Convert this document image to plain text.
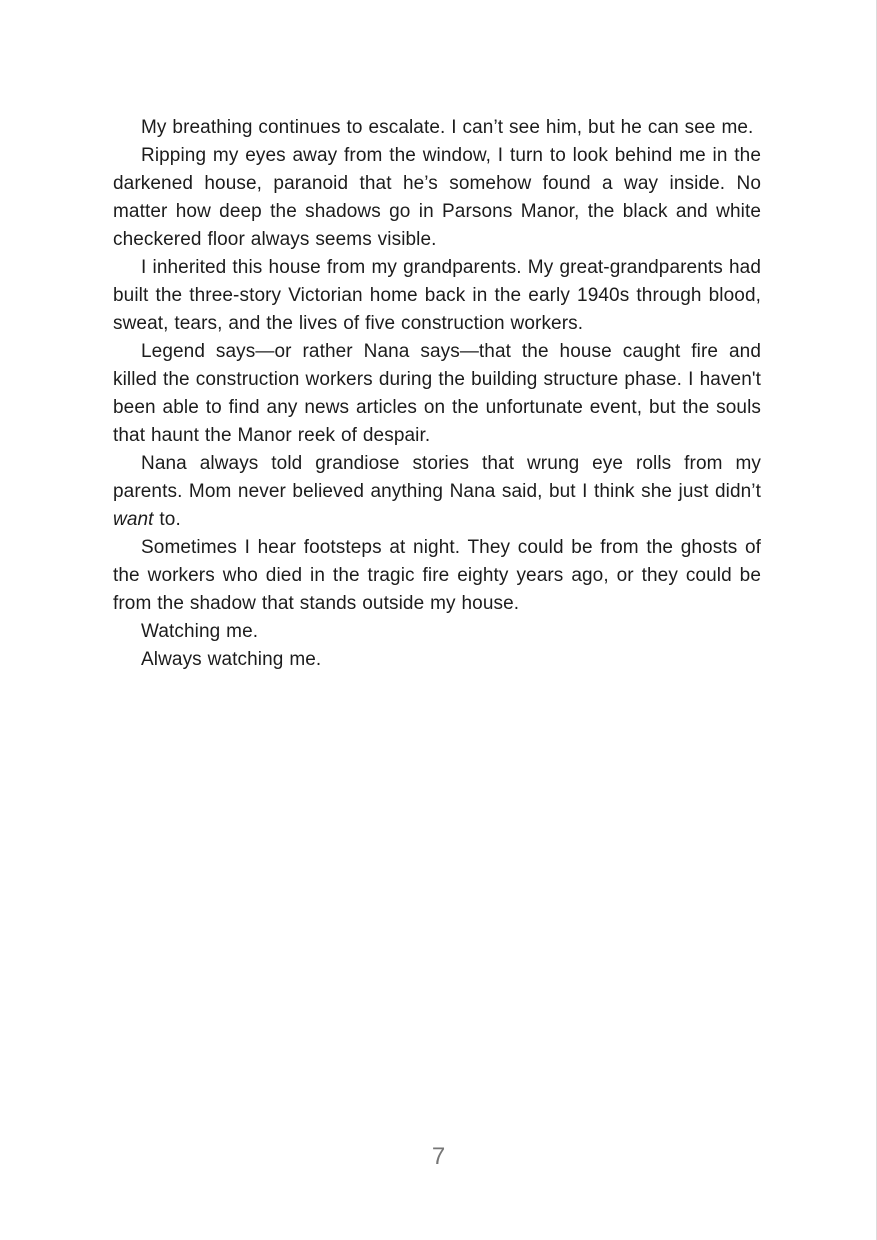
My breathing continues to escalate. I can’t see him, but he can see me.

Ripping my eyes away from the window, I turn to look behind me in the darkened house, paranoid that he’s somehow found a way inside. No matter how deep the shadows go in Parsons Manor, the black and white checkered floor always seems visible.

I inherited this house from my grandparents. My great-grandparents had built the three-story Victorian home back in the early 1940s through blood, sweat, tears, and the lives of five construction workers.

Legend says—or rather Nana says—that the house caught fire and killed the construction workers during the building structure phase. I haven't been able to find any news articles on the unfortunate event, but the souls that haunt the Manor reek of despair.

Nana always told grandiose stories that wrung eye rolls from my parents. Mom never believed anything Nana said, but I think she just didn’t want to.

Sometimes I hear footsteps at night. They could be from the ghosts of the workers who died in the tragic fire eighty years ago, or they could be from the shadow that stands outside my house.

Watching me.

Always watching me.

7
